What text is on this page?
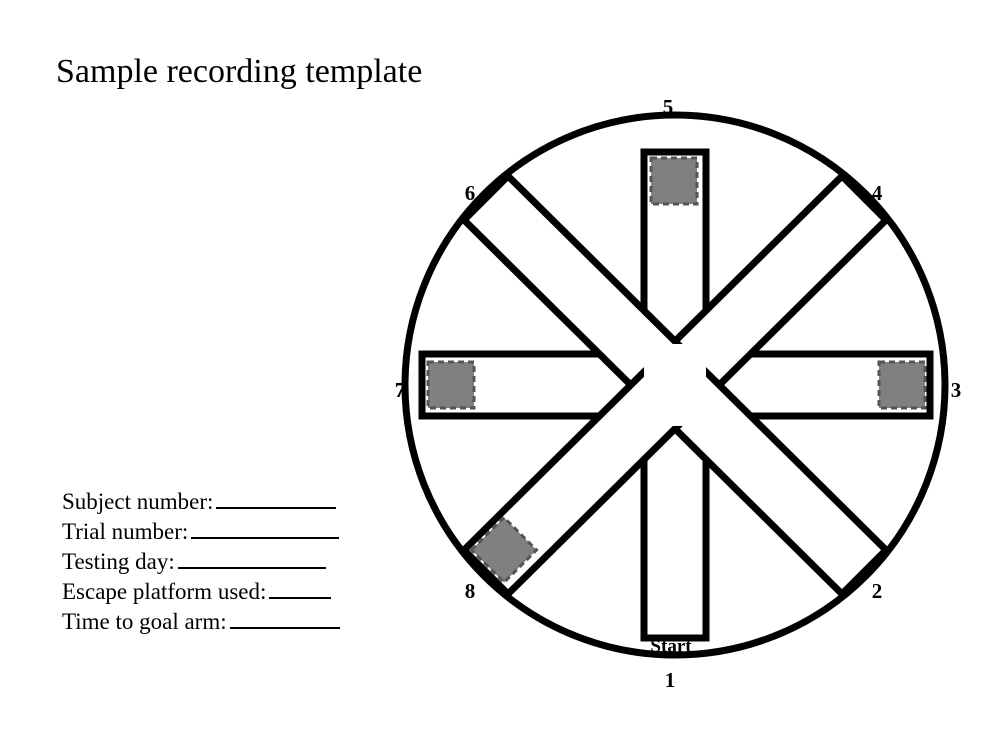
Sample recording template
Subject number:
Trial number:
Testing day:
Escape platform used:
Time to goal arm:
5
4
6
3
7
2
8
1
Start
